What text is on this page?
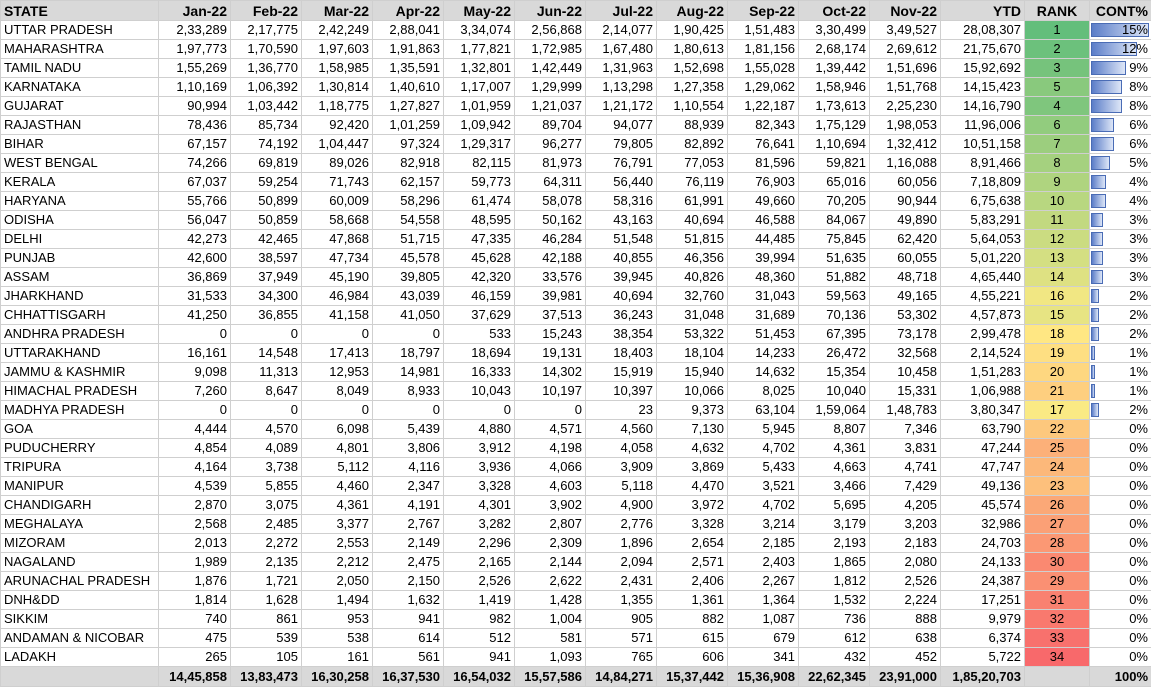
STATE	Jan-22	Feb-22	Mar-22	Apr-22	May-22	Jun-22	Jul-22	Aug-22	Sep-22	Oct-22	Nov-22	YTD	RANK	CONT%
UTTAR PRADESH	2,33,289	2,17,775	2,42,249	2,88,041	3,34,074	2,56,868	2,14,077	1,90,425	1,51,483	3,30,499	3,49,527	28,08,307	1	15%
MAHARASHTRA	1,97,773	1,70,590	1,97,603	1,91,863	1,77,821	1,72,985	1,67,480	1,80,613	1,81,156	2,68,174	2,69,612	21,75,670	2	12%
TAMIL NADU	1,55,269	1,36,770	1,58,985	1,35,591	1,32,801	1,42,449	1,31,963	1,52,698	1,55,028	1,39,442	1,51,696	15,92,692	3	9%
KARNATAKA	1,10,169	1,06,392	1,30,814	1,40,610	1,17,007	1,29,999	1,13,298	1,27,358	1,29,062	1,58,946	1,51,768	14,15,423	5	8%
GUJARAT	90,994	1,03,442	1,18,775	1,27,827	1,01,959	1,21,037	1,21,172	1,10,554	1,22,187	1,73,613	2,25,230	14,16,790	4	8%
RAJASTHAN	78,436	85,734	92,420	1,01,259	1,09,942	89,704	94,077	88,939	82,343	1,75,129	1,98,053	11,96,006	6	6%
BIHAR	67,157	74,192	1,04,447	97,324	1,29,317	96,277	79,805	82,892	76,641	1,10,694	1,32,412	10,51,158	7	6%
WEST BENGAL	74,266	69,819	89,026	82,918	82,115	81,973	76,791	77,053	81,596	59,821	1,16,088	8,91,466	8	5%
KERALA	67,037	59,254	71,743	62,157	59,773	64,311	56,440	76,119	76,903	65,016	60,056	7,18,809	9	4%
HARYANA	55,766	50,899	60,009	58,296	61,474	58,078	58,316	61,991	49,660	70,205	90,944	6,75,638	10	4%
ODISHA	56,047	50,859	58,668	54,558	48,595	50,162	43,163	40,694	46,588	84,067	49,890	5,83,291	11	3%
DELHI	42,273	42,465	47,868	51,715	47,335	46,284	51,548	51,815	44,485	75,845	62,420	5,64,053	12	3%
PUNJAB	42,600	38,597	47,734	45,578	45,628	42,188	40,855	46,356	39,994	51,635	60,055	5,01,220	13	3%
ASSAM	36,869	37,949	45,190	39,805	42,320	33,576	39,945	40,826	48,360	51,882	48,718	4,65,440	14	3%
JHARKHAND	31,533	34,300	46,984	43,039	46,159	39,981	40,694	32,760	31,043	59,563	49,165	4,55,221	16	2%
CHHATTISGARH	41,250	36,855	41,158	41,050	37,629	37,513	36,243	31,048	31,689	70,136	53,302	4,57,873	15	2%
ANDHRA PRADESH	0	0	0	0	533	15,243	38,354	53,322	51,453	67,395	73,178	2,99,478	18	2%
UTTARAKHAND	16,161	14,548	17,413	18,797	18,694	19,131	18,403	18,104	14,233	26,472	32,568	2,14,524	19	1%
JAMMU & KASHMIR	9,098	11,313	12,953	14,981	16,333	14,302	15,919	15,940	14,632	15,354	10,458	1,51,283	20	1%
HIMACHAL PRADESH	7,260	8,647	8,049	8,933	10,043	10,197	10,397	10,066	8,025	10,040	15,331	1,06,988	21	1%
MADHYA PRADESH	0	0	0	0	0	0	23	9,373	63,104	1,59,064	1,48,783	3,80,347	17	2%
GOA	4,444	4,570	6,098	5,439	4,880	4,571	4,560	7,130	5,945	8,807	7,346	63,790	22	0%
PUDUCHERRY	4,854	4,089	4,801	3,806	3,912	4,198	4,058	4,632	4,702	4,361	3,831	47,244	25	0%
TRIPURA	4,164	3,738	5,112	4,116	3,936	4,066	3,909	3,869	5,433	4,663	4,741	47,747	24	0%
MANIPUR	4,539	5,855	4,460	2,347	3,328	4,603	5,118	4,470	3,521	3,466	7,429	49,136	23	0%
CHANDIGARH	2,870	3,075	4,361	4,191	4,301	3,902	4,900	3,972	4,702	5,695	4,205	45,574	26	0%
MEGHALAYA	2,568	2,485	3,377	2,767	3,282	2,807	2,776	3,328	3,214	3,179	3,203	32,986	27	0%
MIZORAM	2,013	2,272	2,553	2,149	2,296	2,309	1,896	2,654	2,185	2,193	2,183	24,703	28	0%
NAGALAND	1,989	2,135	2,212	2,475	2,165	2,144	2,094	2,571	2,403	1,865	2,080	24,133	30	0%
ARUNACHAL PRADESH	1,876	1,721	2,050	2,150	2,526	2,622	2,431	2,406	2,267	1,812	2,526	24,387	29	0%
DNH&DD	1,814	1,628	1,494	1,632	1,419	1,428	1,355	1,361	1,364	1,532	2,224	17,251	31	0%
SIKKIM	740	861	953	941	982	1,004	905	882	1,087	736	888	9,979	32	0%
ANDAMAN & NICOBAR	475	539	538	614	512	581	571	615	679	612	638	6,374	33	0%
LADAKH	265	105	161	561	941	1,093	765	606	341	432	452	5,722	34	0%
	14,45,858	13,83,473	16,30,258	16,37,530	16,54,032	15,57,586	14,84,271	15,37,442	15,36,908	22,62,345	23,91,000	1,85,20,703		100%
